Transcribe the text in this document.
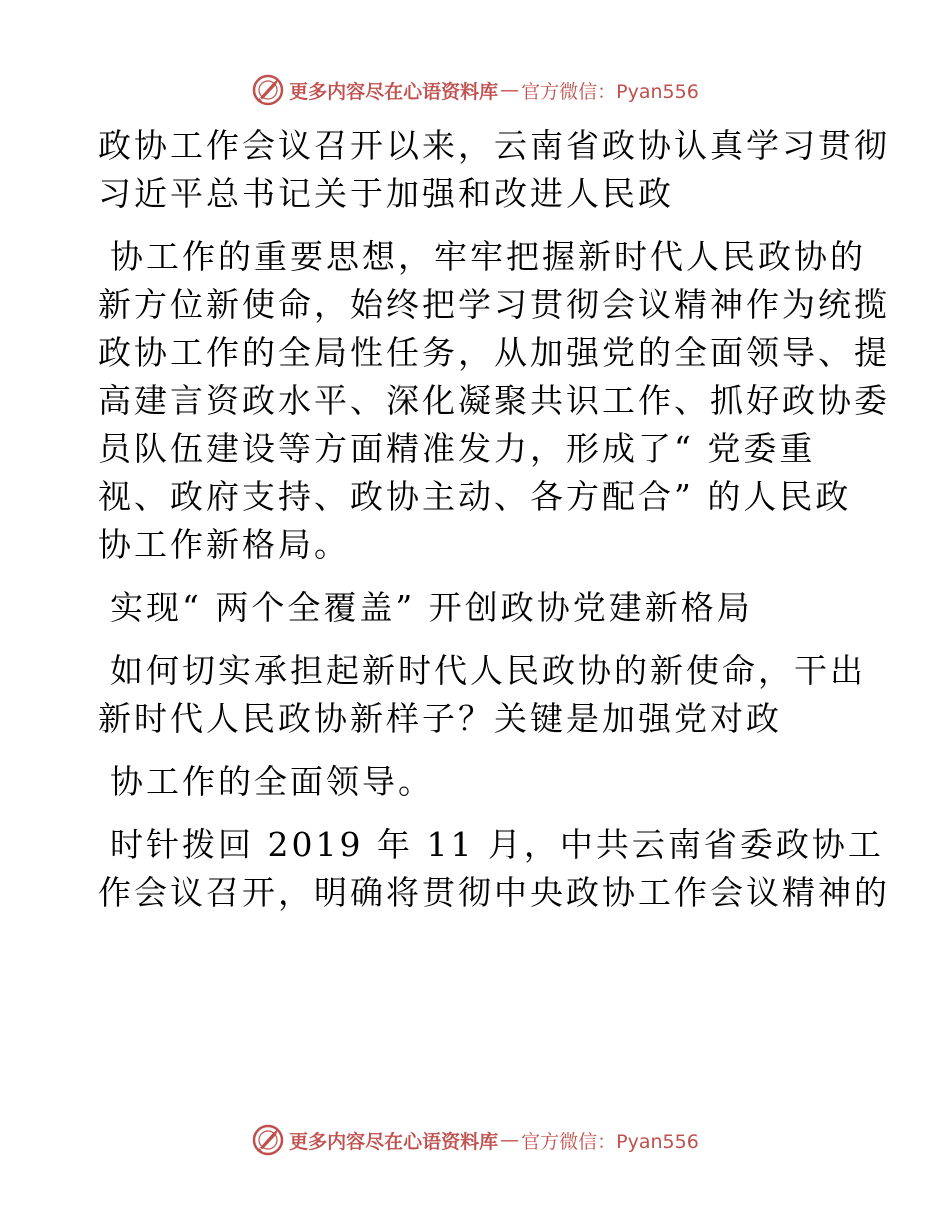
更多内容尽在心语资料库 — 官方微信：Pyan556
政协工作会议召开以来，云南省政协认真学习贯彻
习近平总书记关于加强和改进人民政
协工作的重要思想，牢牢把握新时代人民政协的
新方位新使命，始终把学习贯彻会议精神作为统揽
政协工作的全局性任务，从加强党的全面领导、提
高建言资政水平、深化凝聚共识工作、抓好政协委
员队伍建设等方面精准发力，形成了“ 党委重
视、政府支持、政协主动、各方配合” 的人民政
协工作新格局。
实现“ 两个全覆盖” 开创政协党建新格局
如何切实承担起新时代人民政协的新使命，干出
新时代人民政协新样子？关键是加强党对政
协工作的全面领导。
时针拨回 2019 年 11 月，中共云南省委政协工
作会议召开，明确将贯彻中央政协工作会议精神的
更多内容尽在心语资料库 — 官方微信：Pyan556
